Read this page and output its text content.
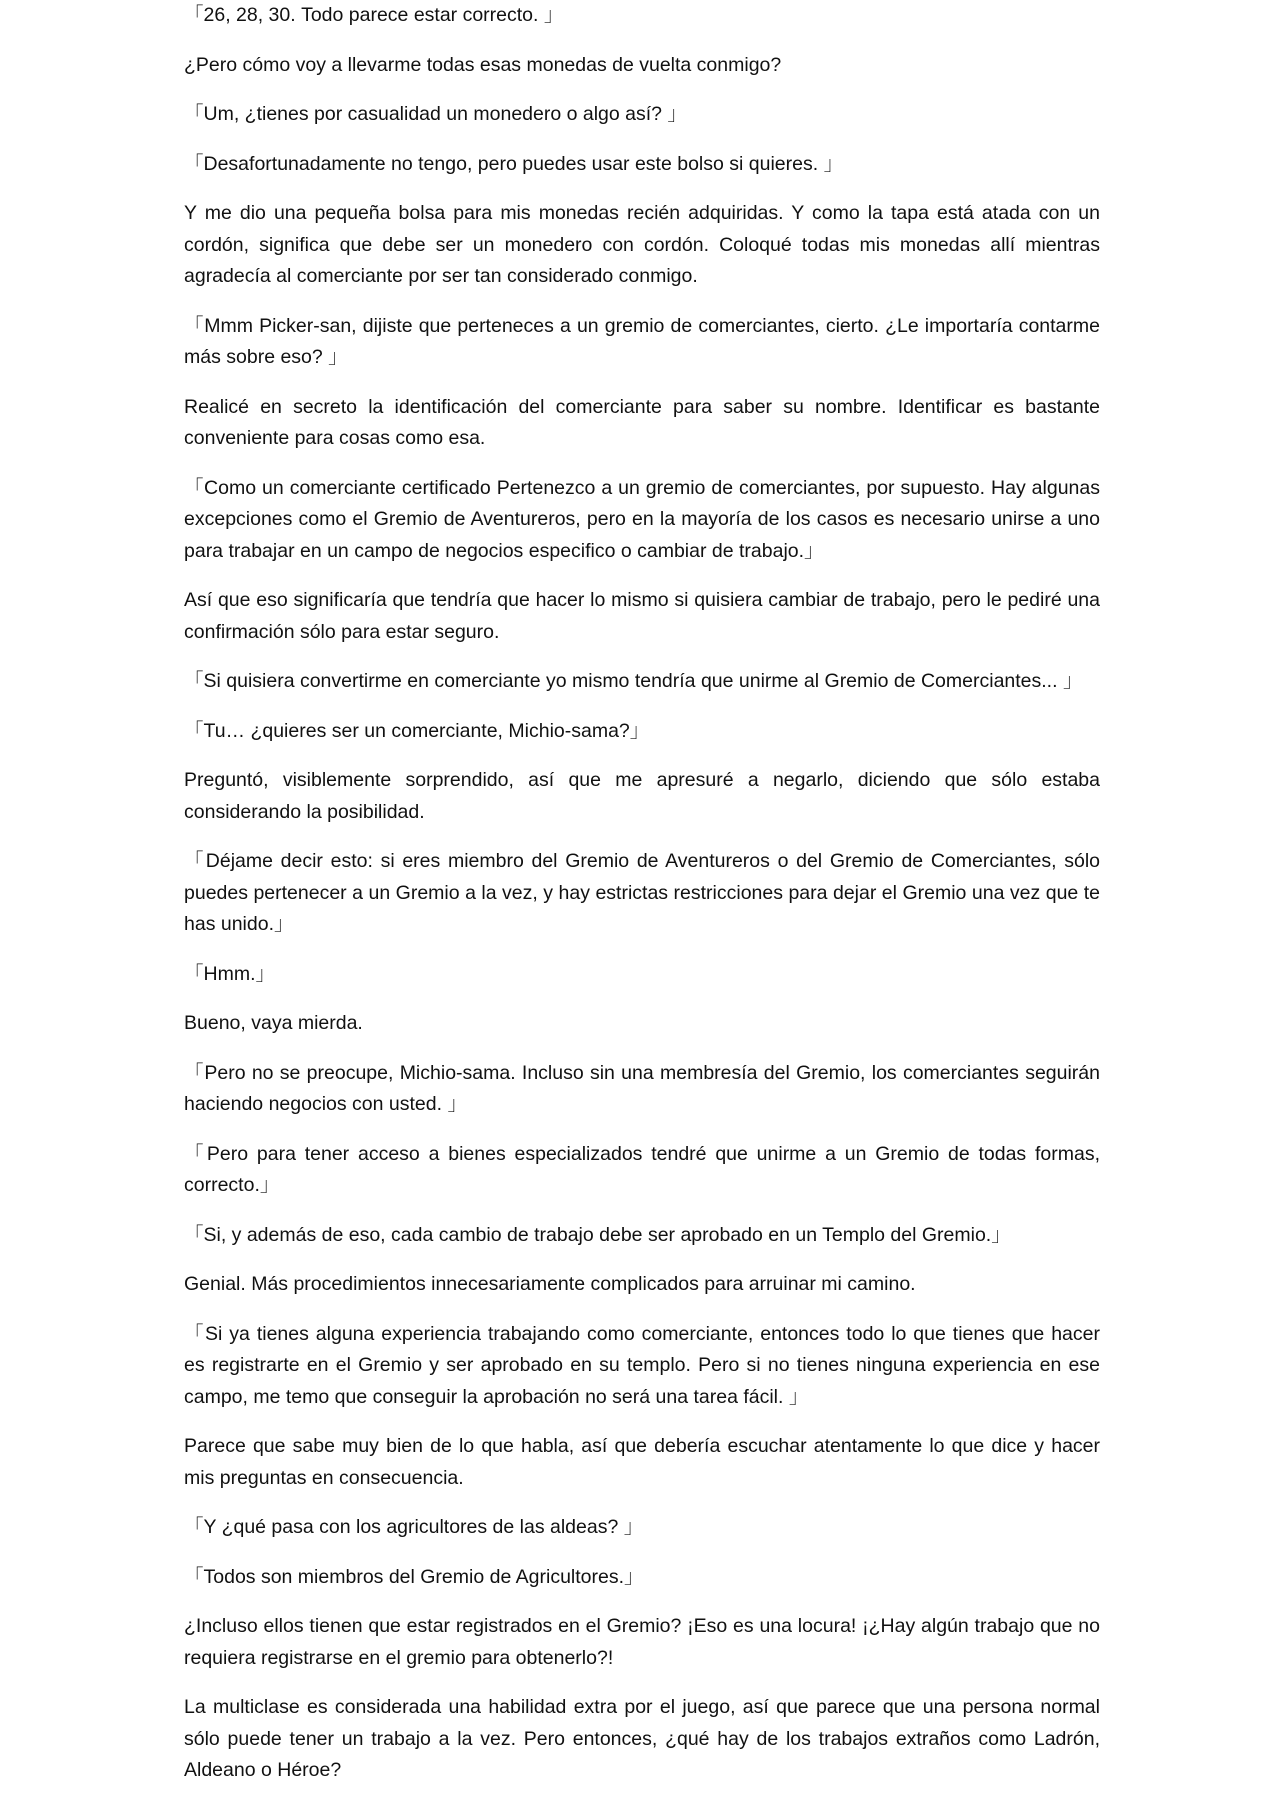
「26, 28, 30. Todo parece estar correcto. 」

¿Pero cómo voy a llevarme todas esas monedas de vuelta conmigo?

「Um, ¿tienes por casualidad un monedero o algo así? 」

「Desafortunadamente no tengo, pero puedes usar este bolso si quieres. 」

Y me dio una pequeña bolsa para mis monedas recién adquiridas. Y como la tapa está atada con un cordón, significa que debe ser un monedero con cordón. Coloqué todas mis monedas allí mientras agradecía al comerciante por ser tan considerado conmigo.

「Mmm Picker-san, dijiste que perteneces a un gremio de comerciantes, cierto. ¿Le importaría contarme más sobre eso? 」

Realicé en secreto la identificación del comerciante para saber su nombre. Identificar es bastante conveniente para cosas como esa.

「Como un comerciante certificado Pertenezco a un gremio de comerciantes, por supuesto. Hay algunas excepciones como el Gremio de Aventureros, pero en la mayoría de los casos es necesario unirse a uno para trabajar en un campo de negocios especifico o cambiar de trabajo.」

Así que eso significaría que tendría que hacer lo mismo si quisiera cambiar de trabajo, pero le pediré una confirmación sólo para estar seguro.

「Si quisiera convertirme en comerciante yo mismo tendría que unirme al Gremio de Comerciantes... 」

「Tu… ¿quieres ser un comerciante, Michio-sama?」

Preguntó, visiblemente sorprendido, así que me apresuré a negarlo, diciendo que sólo estaba considerando la posibilidad.

「Déjame decir esto: si eres miembro del Gremio de Aventureros o del Gremio de Comerciantes, sólo puedes pertenecer a un Gremio a la vez, y hay estrictas restricciones para dejar el Gremio una vez que te has unido.」

「Hmm.」

Bueno, vaya mierda.

「Pero no se preocupe, Michio-sama. Incluso sin una membresía del Gremio, los comerciantes seguirán haciendo negocios con usted. 」

「Pero para tener acceso a bienes especializados tendré que unirme a un Gremio de todas formas, correcto.」

「Si, y además de eso, cada cambio de trabajo debe ser aprobado en un Templo del Gremio.」

Genial. Más procedimientos innecesariamente complicados para arruinar mi camino.

「Si ya tienes alguna experiencia trabajando como comerciante, entonces todo lo que tienes que hacer es registrarte en el Gremio y ser aprobado en su templo. Pero si no tienes ninguna experiencia en ese campo, me temo que conseguir la aprobación no será una tarea fácil. 」

Parece que sabe muy bien de lo que habla, así que debería escuchar atentamente lo que dice y hacer mis preguntas en consecuencia.

「Y ¿qué pasa con los agricultores de las aldeas? 」

「Todos son miembros del Gremio de Agricultores.」

¿Incluso ellos tienen que estar registrados en el Gremio? ¡Eso es una locura! ¡¿Hay algún trabajo que no requiera registrarse en el gremio para obtenerlo?!

La multiclase es considerada una habilidad extra por el juego, así que parece que una persona normal sólo puede tener un trabajo a la vez. Pero entonces, ¿qué hay de los trabajos extraños como Ladrón, Aldeano o Héroe?
